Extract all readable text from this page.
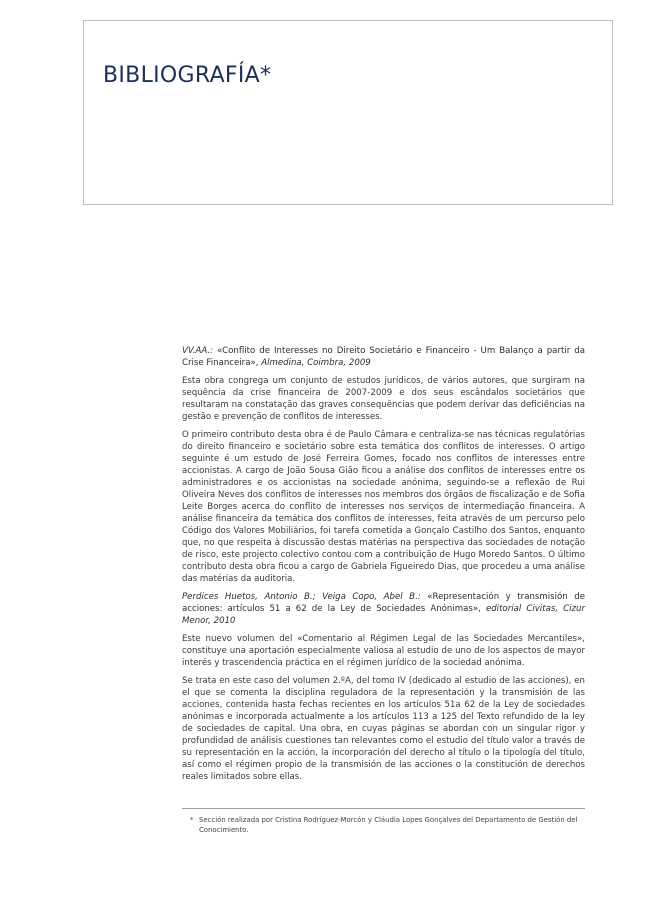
BIBLIOGRAFÍA*

VV.AA.: «Conflito de Interesses no Direito Societário e Financeiro - Um Balanço a partir da Crise Financeira», Almedina, Coimbra, 2009

Esta obra congrega um conjunto de estudos jurídicos, de vários autores, que surgiram na sequência da crise financeira de 2007-2009 e dos seus escândalos societários que resultaram na constatação das graves consequências que podem derivar das deficiências na gestão e prevenção de conflitos de interesses.

O primeiro contributo desta obra é de Paulo Câmara e centraliza-se nas técnicas regulatórias do direito financeiro e societário sobre esta temática dos conflitos de interesses. O artigo seguinte é um estudo de José Ferreira Gomes, focado nos conflitos de interesses entre accionistas. A cargo de João Sousa Gião ficou a análise dos conflitos de interesses entre os administradores e os accionistas na sociedade anónima, seguindo-se a reflexão de Rui Oliveira Neves dos conflitos de interesses nos membros dos órgãos de fiscalização e de Sofia Leite Borges acerca do conflito de interesses nos serviços de intermediação financeira. A análise financeira da temática dos conflitos de interesses, feita através de um percurso pelo Código dos Valores Mobiliários, foi tarefa cometida a Gonçalo Castilho dos Santos, enquanto que, no que respeita à discussão destas matérias na perspectiva das sociedades de notação de risco, este projecto colectivo contou com a contribuição de Hugo Moredo Santos. O último contributo desta obra ficou a cargo de Gabriela Figueiredo Dias, que procedeu a uma análise das matérias da auditoria.

Perdices Huetos, Antonio B.; Veiga Copo, Abel B.: «Representación y transmisión de acciones: artículos 51 a 62 de la Ley de Sociedades Anónimas», editorial Civitas, Cizur Menor, 2010

Este nuevo volumen del «Comentario al Régimen Legal de las Sociedades Mercantiles», constituye una aportación especialmente valiosa al estudio de uno de los aspectos de mayor interés y trascendencia práctica en el régimen jurídico de la sociedad anónima.

Se trata en este caso del volumen 2.ºA, del tomo IV (dedicado al estudio de las acciones), en el que se comenta la disciplina reguladora de la representación y la transmisión de las acciones, contenida hasta fechas recientes en los artículos 51a 62 de la Ley de sociedades anónimas e incorporada actualmente a los artículos 113 a 125 del Texto refundido de la ley de sociedades de capital. Una obra, en cuyas páginas se abordan con un singular rigor y profundidad de análisis cuestiones tan relevantes como el estudio del título valor a través de su representación en la acción, la incorporación del derecho al título o la tipología del título, así como el régimen propio de la transmisión de las acciones o la constitución de derechos reales limitados sobre ellas.

* Sección realizada por Cristina Rodríguez-Morcón y Cláudia Lopes Gonçalves del Departamento de Gestión del Conocimiento.
